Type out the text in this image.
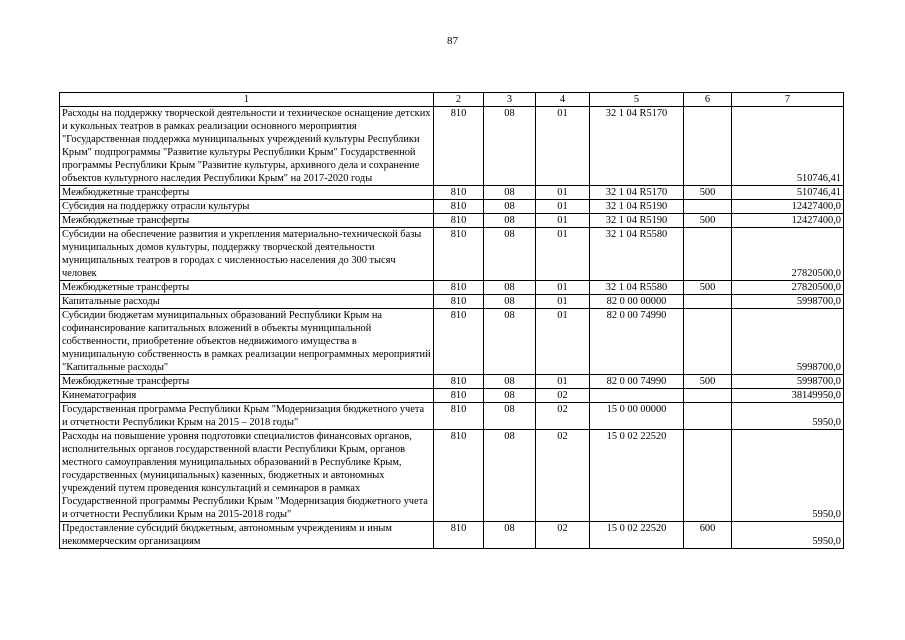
87
1	2	3	4	5	6	7
Расходы на поддержку творческой деятельности и техническое оснащение детских и кукольных театров в рамках реализации основного мероприятия "Государственная поддержка муниципальных учреждений культуры Республики Крым" подпрограммы "Развитие культуры Республики Крым" Государственной программы Республики Крым "Развитие культуры, архивного дела и сохранение объектов культурного наследия Республики Крым" на 2017-2020 годы	810	08	01	32 1 04 R5170		510746,41
Межбюджетные трансферты	810	08	01	32 1 04 R5170	500	510746,41
Субсидия на поддержку отрасли культуры	810	08	01	32 1 04 R5190		12427400,0
Межбюджетные трансферты	810	08	01	32 1 04 R5190	500	12427400,0
Субсидии на обеспечение развития и укрепления материально-технической базы муниципальных домов культуры, поддержку творческой деятельности муниципальных театров в городах с численностью населения до 300 тысяч человек	810	08	01	32 1 04 R5580		27820500,0
Межбюджетные трансферты	810	08	01	32 1 04 R5580	500	27820500,0
Капитальные расходы	810	08	01	82 0 00 00000		5998700,0
Субсидии бюджетам муниципальных образований Республики Крым на софинансирование капитальных вложений в объекты муниципальной собственности, приобретение объектов недвижимого имущества в муниципальную собственность в рамках реализации непрограммных мероприятий "Капитальные расходы"	810	08	01	82 0 00 74990		5998700,0
Межбюджетные трансферты	810	08	01	82 0 00 74990	500	5998700,0
Кинематография	810	08	02			38149950,0
Государственная программа Республики Крым "Модернизация бюджетного учета и отчетности Республики Крым на 2015 – 2018 годы"	810	08	02	15 0 00 00000		5950,0
Расходы на повышение уровня подготовки специалистов финансовых органов, исполнительных органов государственной власти Республики Крым, органов местного самоуправления муниципальных образований в Республике Крым, государственных (муниципальных) казенных, бюджетных и автономных учреждений путем проведения консультаций и семинаров в рамках Государственной программы Республики Крым "Модернизация бюджетного учета и отчетности Республики Крым на 2015-2018 годы"	810	08	02	15 0 02 22520		5950,0
Предоставление субсидий бюджетным, автономным учреждениям и иным некоммерческим организациям	810	08	02	15 0 02 22520	600	5950,0
